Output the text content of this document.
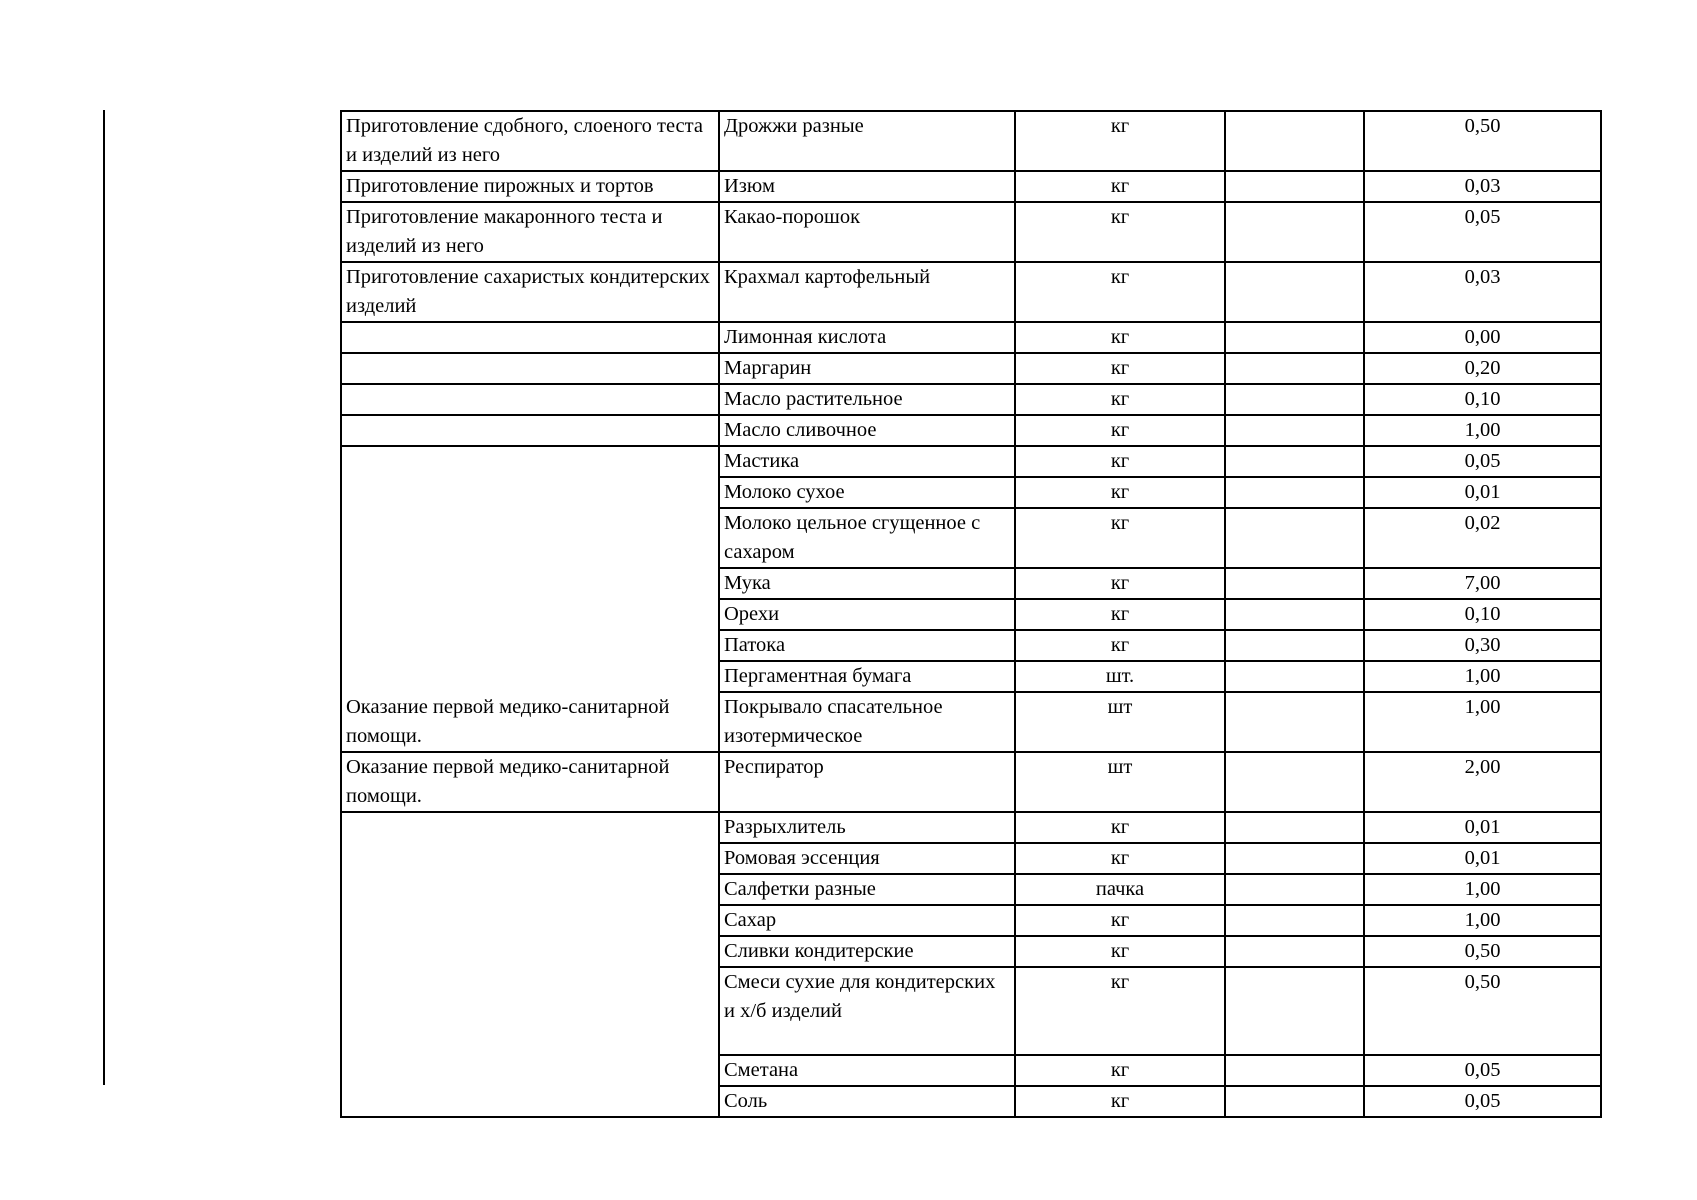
Приготовление сдобного, слоеного теста и изделий из него	Дрожжи разные	кг		0,50
Приготовление пирожных и тортов	Изюм	кг		0,03
Приготовление макаронного теста и изделий из него	Какао-порошок	кг		0,05
Приготовление сахаристых кондитерских изделий	Крахмал картофельный	кг		0,03
	Лимонная кислота	кг		0,00
	Маргарин	кг		0,20
	Масло растительное	кг		0,10
	Масло сливочное	кг		1,00
Оказание первой медико-санитарной помощи.	Мастика	кг		0,05
	Молоко сухое	кг		0,01
	Молоко цельное сгущенное с сахаром	кг		0,02
	Мука	кг		7,00
	Орехи	кг		0,10
	Патока	кг		0,30
	Пергаментная бумага	шт.		1,00
	Покрывало спасательное изотермическое	шт		1,00
Оказание первой медико-санитарной помощи.	Респиратор	шт		2,00
	Разрыхлитель	кг		0,01
	Ромовая эссенция	кг		0,01
	Салфетки разные	пачка		1,00
	Сахар	кг		1,00
	Сливки кондитерские	кг		0,50
	Смеси сухие для кондитерских и х/б изделий	кг		0,50
	Сметана	кг		0,05
	Соль	кг		0,05
